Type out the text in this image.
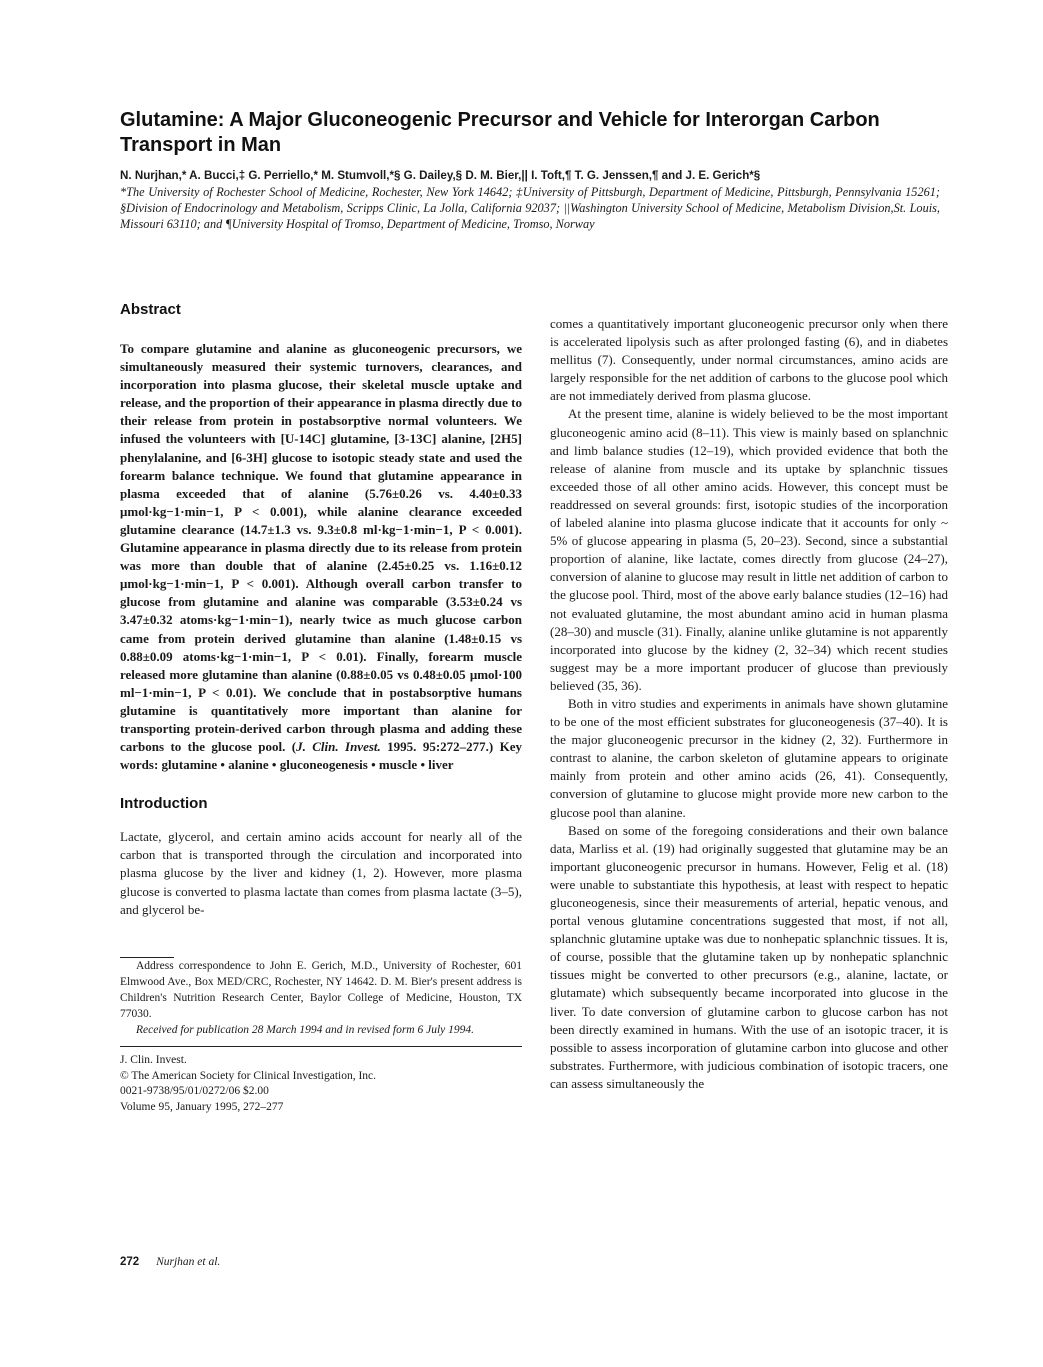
Glutamine: A Major Gluconeogenic Precursor and Vehicle for Interorgan Carbon Transport in Man
N. Nurjhan,* A. Bucci,‡ G. Perriello,* M. Stumvoll,*§ G. Dailey,§ D. M. Bier,|| I. Toft,¶ T. G. Jenssen,¶ and J. E. Gerich*§
*The University of Rochester School of Medicine, Rochester, New York 14642; ‡University of Pittsburgh, Department of Medicine, Pittsburgh, Pennsylvania 15261; §Division of Endocrinology and Metabolism, Scripps Clinic, La Jolla, California 92037; ||Washington University School of Medicine, Metabolism Division,St. Louis, Missouri 63110; and ¶University Hospital of Tromso, Department of Medicine, Tromso, Norway
Abstract

To compare glutamine and alanine as gluconeogenic precursors, we simultaneously measured their systemic turnovers, clearances, and incorporation into plasma glucose, their skeletal muscle uptake and release, and the proportion of their appearance in plasma directly due to their release from protein in postabsorptive normal volunteers. We infused the volunteers with [U-14C] glutamine, [3-13C] alanine, [2H5] phenylalanine, and [6-3H] glucose to isotopic steady state and used the forearm balance technique. We found that glutamine appearance in plasma exceeded that of alanine (5.76±0.26 vs. 4.40±0.33 μmol·kg−1·min−1, P < 0.001), while alanine clearance exceeded glutamine clearance (14.7±1.3 vs. 9.3±0.8 ml·kg−1·min−1, P < 0.001). Glutamine appearance in plasma directly due to its release from protein was more than double that of alanine (2.45±0.25 vs. 1.16±0.12 μmol·kg−1·min−1, P < 0.001). Although overall carbon transfer to glucose from glutamine and alanine was comparable (3.53±0.24 vs 3.47±0.32 atoms·kg−1·min−1), nearly twice as much glucose carbon came from protein derived glutamine than alanine (1.48±0.15 vs 0.88±0.09 atoms·kg−1·min−1, P < 0.01). Finally, forearm muscle released more glutamine than alanine (0.88±0.05 vs 0.48±0.05 μmol·100 ml−1·min−1, P < 0.01). We conclude that in postabsorptive humans glutamine is quantitatively more important than alanine for transporting protein-derived carbon through plasma and adding these carbons to the glucose pool. (J. Clin. Invest. 1995. 95:272–277.) Key words: glutamine • alanine • gluconeogenesis • muscle • liver

Introduction

Lactate, glycerol, and certain amino acids account for nearly all of the carbon that is transported through the circulation and incorporated into plasma glucose by the liver and kidney (1, 2). However, more plasma glucose is converted to plasma lactate than comes from plasma lactate (3–5), and glycerol be-

Address correspondence to John E. Gerich, M.D., University of Rochester, 601 Elmwood Ave., Box MED/CRC, Rochester, NY 14642. D. M. Bier's present address is Children's Nutrition Research Center, Baylor College of Medicine, Houston, TX 77030.

Received for publication 28 March 1994 and in revised form 6 July 1994.

J. Clin. Invest.

© The American Society for Clinical Investigation, Inc.

0021-9738/95/01/0272/06 $2.00

Volume 95, January 1995, 272–277

comes a quantitatively important gluconeogenic precursor only when there is accelerated lipolysis such as after prolonged fasting (6), and in diabetes mellitus (7). Consequently, under normal circumstances, amino acids are largely responsible for the net addition of carbons to the glucose pool which are not immediately derived from plasma glucose.

At the present time, alanine is widely believed to be the most important gluconeogenic amino acid (8–11). This view is mainly based on splanchnic and limb balance studies (12–19), which provided evidence that both the release of alanine from muscle and its uptake by splanchnic tissues exceeded those of all other amino acids. However, this concept must be readdressed on several grounds: first, isotopic studies of the incorporation of labeled alanine into plasma glucose indicate that it accounts for only ~ 5% of glucose appearing in plasma (5, 20–23). Second, since a substantial proportion of alanine, like lactate, comes directly from glucose (24–27), conversion of alanine to glucose may result in little net addition of carbon to the glucose pool. Third, most of the above early balance studies (12–16) had not evaluated glutamine, the most abundant amino acid in human plasma (28–30) and muscle (31). Finally, alanine unlike glutamine is not apparently incorporated into glucose by the kidney (2, 32–34) which recent studies suggest may be a more important producer of glucose than previously believed (35, 36).

Both in vitro studies and experiments in animals have shown glutamine to be one of the most efficient substrates for gluconeogenesis (37–40). It is the major gluconeogenic precursor in the kidney (2, 32). Furthermore in contrast to alanine, the carbon skeleton of glutamine appears to originate mainly from protein and other amino acids (26, 41). Consequently, conversion of glutamine to glucose might provide more new carbon to the glucose pool than alanine.

Based on some of the foregoing considerations and their own balance data, Marliss et al. (19) had originally suggested that glutamine may be an important gluconeogenic precursor in humans. However, Felig et al. (18) were unable to substantiate this hypothesis, at least with respect to hepatic gluconeogenesis, since their measurements of arterial, hepatic venous, and portal venous glutamine concentrations suggested that most, if not all, splanchnic glutamine uptake was due to nonhepatic splanchnic tissues. It is, of course, possible that the glutamine taken up by nonhepatic splanchnic tissues might be converted to other precursors (e.g., alanine, lactate, or glutamate) which subsequently became incorporated into glucose in the liver. To date conversion of glutamine carbon to glucose carbon has not been directly examined in humans. With the use of an isotopic tracer, it is possible to assess incorporation of glutamine carbon into glucose and other substrates. Furthermore, with judicious combination of isotopic tracers, one can assess simultaneously the

272 Nurjhan et al.
